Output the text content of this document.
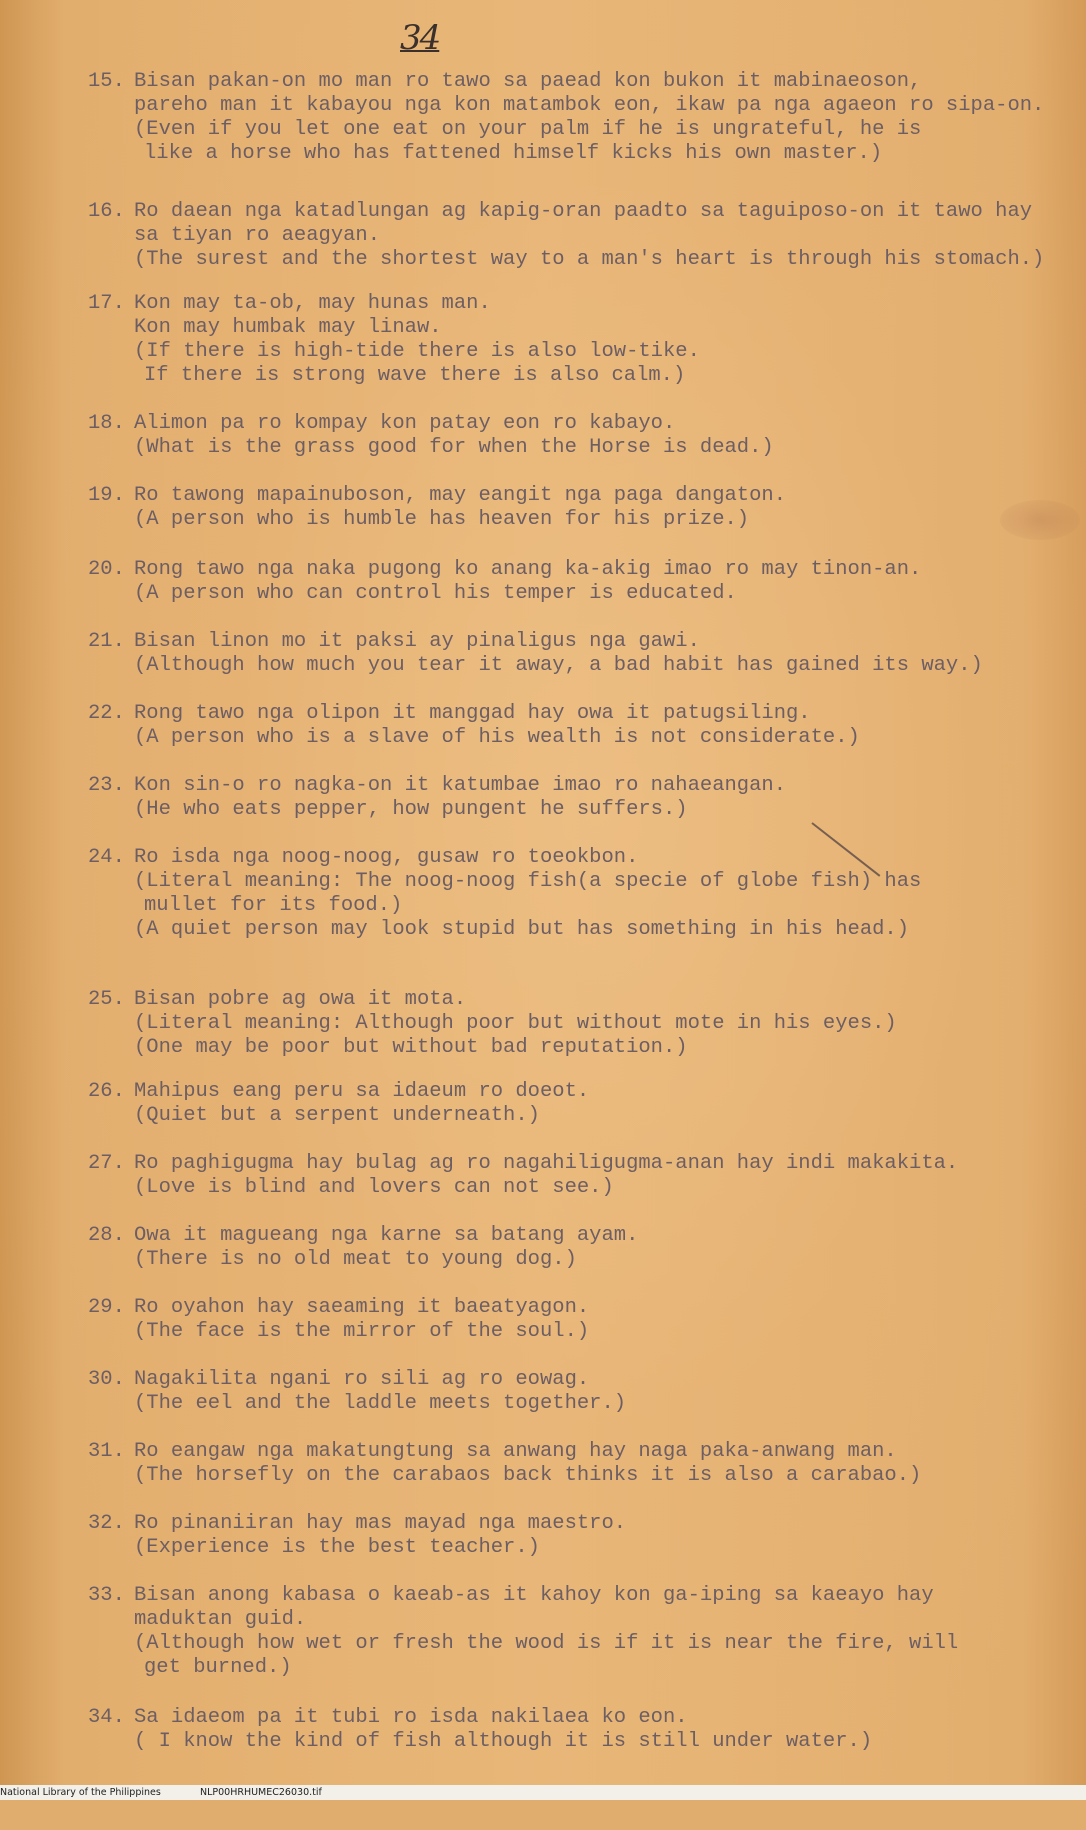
34
15. Bisan pakan-on mo man ro tawo sa paead kon bukon it mabinaeoson,
pareho man it kabayou nga kon matambok eon, ikaw pa nga agaeon ro sipa-on.
(Even if you let one eat on your palm if he is ungrateful, he is
like a horse who has fattened himself kicks his own master.)
16. Ro daean nga katadlungan ag kapig-oran paadto sa taguiposo-on it tawo hay
sa tiyan ro aeagyan.
(The surest and the shortest way to a man's heart is through his stomach.)
17. Kon may ta-ob, may hunas man.
Kon may humbak may linaw.
(If there is high-tide there is also low-tike.
If there is strong wave there is also calm.)
18. Alimon pa ro kompay kon patay eon ro kabayo.
(What is the grass good for when the Horse is dead.)
19. Ro tawong mapainuboson, may eangit nga paga dangaton.
(A person who is humble has heaven for his prize.)
20. Rong tawo nga naka pugong ko anang ka-akig imao ro may tinon-an.
(A person who can control his temper is educated.
21. Bisan linon mo it paksi ay pinaligus nga gawi.
(Although how much you tear it away, a bad habit has gained its way.)
22. Rong tawo nga olipon it manggad hay owa it patugsiling.
(A person who is a slave of his wealth is not considerate.)
23. Kon sin-o ro nagka-on it katumbae imao ro nahaeangan.
(He who eats pepper, how pungent he suffers.)
24. Ro isda nga noog-noog, gusaw ro toeokbon.
(Literal meaning: The noog-noog fish(a specie of globe fish) has
mullet for its food.)
(A quiet person may look stupid but has something in his head.)
25. Bisan pobre ag owa it mota.
(Literal meaning: Although poor but without mote in his eyes.)
(One may be poor but without bad reputation.)
26. Mahipus eang peru sa idaeum ro doeot.
(Quiet but a serpent underneath.)
27. Ro paghigugma hay bulag ag ro nagahiligugma-anan hay indi makakita.
(Love is blind and lovers can not see.)
28. Owa it magueang nga karne sa batang ayam.
(There is no old meat to young dog.)
29. Ro oyahon hay saeaming it baeatyagon.
(The face is the mirror of the soul.)
30. Nagakilita ngani ro sili ag ro eowag.
(The eel and the laddle meets together.)
31. Ro eangaw nga makatungtung sa anwang hay naga paka-anwang man.
(The horsefly on the carabaos back thinks it is also a carabao.)
32. Ro pinaniiran hay mas mayad nga maestro.
(Experience is the best teacher.)
33. Bisan anong kabasa o kaeab-as it kahoy kon ga-iping sa kaeayo hay
maduktan guid.
(Although how wet or fresh the wood is if it is near the fire, will
get burned.)
34. Sa idaeom pa it tubi ro isda nakilaea ko eon.
( I know the kind of fish although it is still under water.)

National Library of the Philippines

	NLP00HRHUMEC26030.tif
